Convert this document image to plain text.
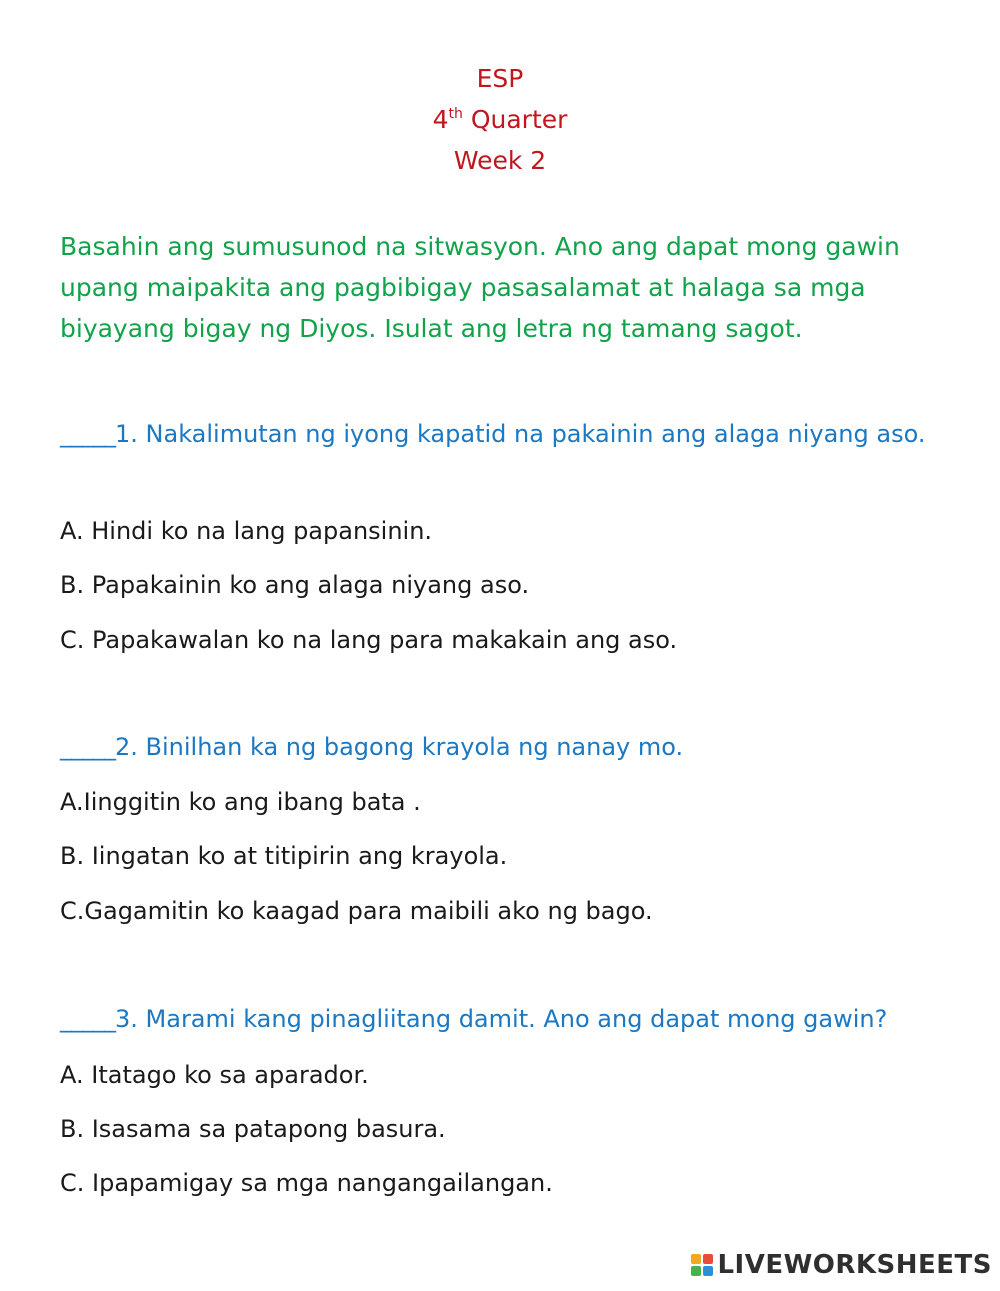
ESP
4th Quarter
Week 2
Basahin ang sumusunod na sitwasyon. Ano ang dapat mong gawin upang maipakita ang pagbibigay pasasalamat at halaga sa mga biyayang bigay ng Diyos. Isulat ang letra ng tamang sagot.
_____1. Nakalimutan ng iyong kapatid na pakainin ang alaga niyang aso.
A. Hindi ko na lang papansinin.
B. Papakainin ko ang alaga niyang aso.
C. Papakawalan ko na lang para makakain ang aso.
_____2. Binilhan ka ng bagong krayola ng nanay mo.
A.Iinggitin ko ang ibang bata .
B. Iingatan ko at titipirin ang krayola.
C.Gagamitin ko kaagad para maibili ako ng bago.
_____3. Marami kang pinagliitang damit. Ano ang dapat mong gawin?
A. Itatago ko sa aparador.
B. Isasama sa patapong basura.
C. Ipapamigay sa mga nangangailangan.
LIVEWORKSHEETS
